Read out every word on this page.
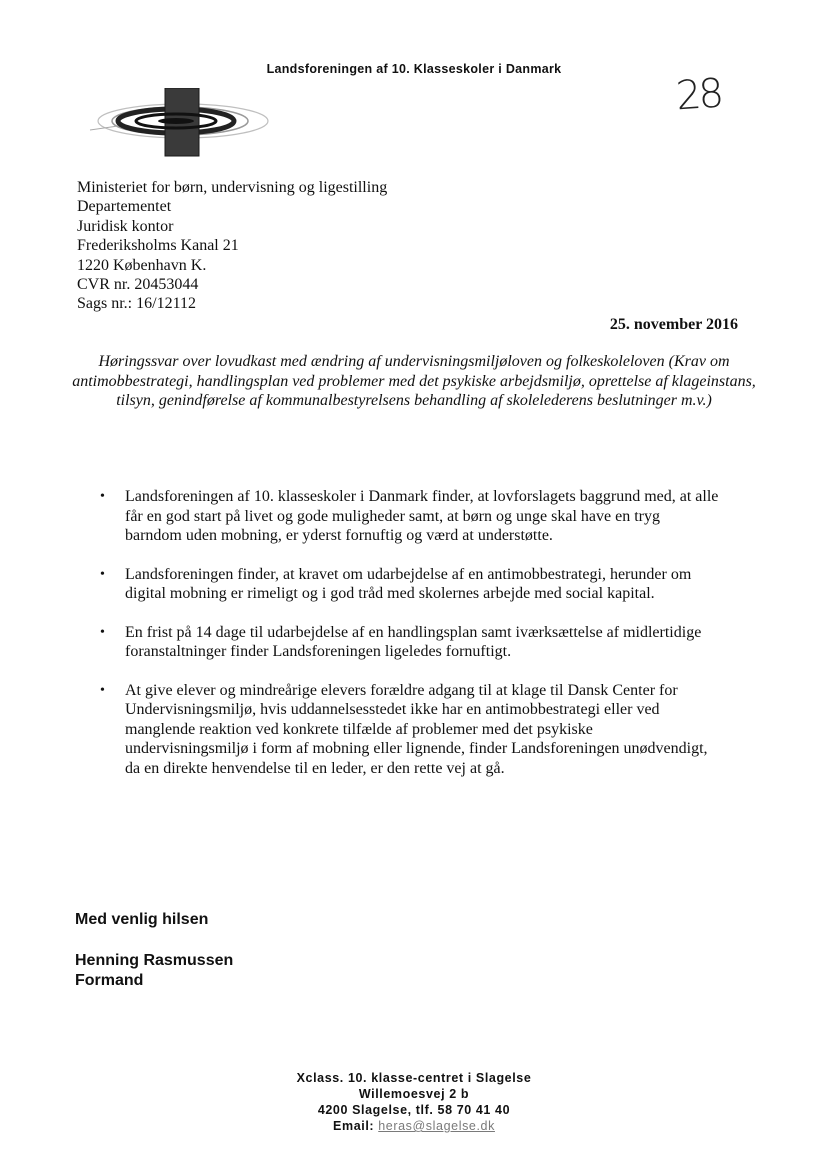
Landsforeningen af 10. Klasseskoler i Danmark
28
Ministeriet for børn, undervisning og ligestilling
Departementet
Juridisk kontor
Frederiksholms Kanal 21
1220 København K.
CVR nr. 20453044
Sags nr.: 16/12112
25. november 2016
Høringssvar over lovudkast med ændring af undervisningsmiljøloven og folkeskoleloven (Krav om antimobbestrategi, handlingsplan ved problemer med det psykiske arbejdsmiljø, oprettelse af klageinstans, tilsyn, genindførelse af kommunalbestyrelsens behandling af skolelederens beslutninger m.v.)
• Landsforeningen af 10. klasseskoler i Danmark finder, at lovforslagets baggrund med, at alle
får en god start på livet og gode muligheder samt, at børn og unge skal have en tryg
barndom uden mobning, er yderst fornuftig og værd at understøtte.
• Landsforeningen finder, at kravet om udarbejdelse af en antimobbestrategi, herunder om
digital mobning er rimeligt og i god tråd med skolernes arbejde med social kapital.
• En frist på 14 dage til udarbejdelse af en handlingsplan samt iværksættelse af midlertidige
foranstaltninger finder Landsforeningen ligeledes fornuftigt.
• At give elever og mindreårige elevers forældre adgang til at klage til Dansk Center for
Undervisningsmiljø, hvis uddannelsesstedet ikke har en antimobbestrategi eller ved
manglende reaktion ved konkrete tilfælde af problemer med det psykiske
undervisningsmiljø i form af mobning eller lignende, finder Landsforeningen unødvendigt,
da en direkte henvendelse til en leder, er den rette vej at gå.
Med venlig hilsen
Henning Rasmussen
Formand
Xclass. 10. klasse-centret i Slagelse
Willemoesvej 2 b
4200 Slagelse, tlf. 58 70 41 40
Email: heras@slagelse.dk
